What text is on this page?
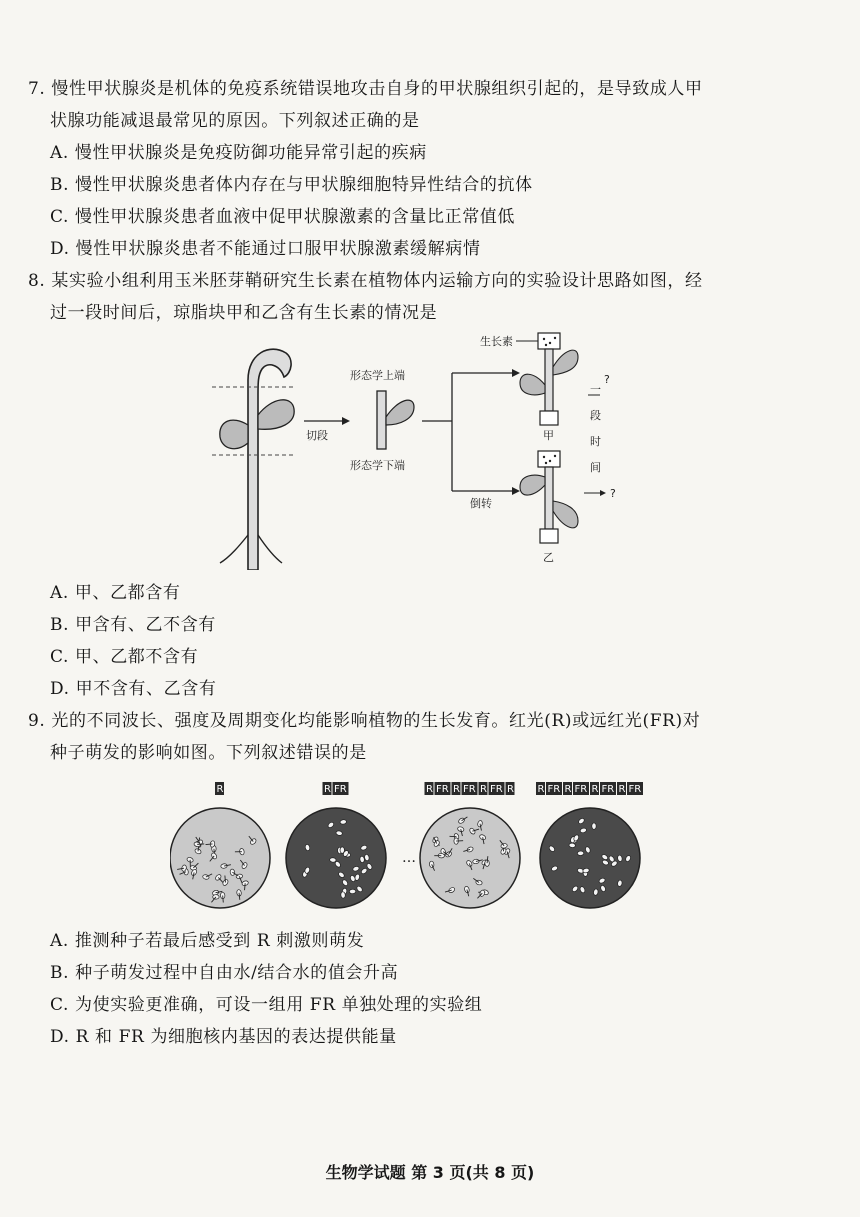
7. 慢性甲状腺炎是机体的免疫系统错误地攻击自身的甲状腺组织引起的，是导致成人甲
状腺功能减退最常见的原因。下列叙述正确的是
A. 慢性甲状腺炎是免疫防御功能异常引起的疾病
B. 慢性甲状腺炎患者体内存在与甲状腺细胞特异性结合的抗体
C. 慢性甲状腺炎患者血液中促甲状腺激素的含量比正常值低
D. 慢性甲状腺炎患者不能通过口服甲状腺激素缓解病情
8. 某实验小组利用玉米胚芽鞘研究生长素在植物体内运输方向的实验设计思路如图，经
过一段时间后，琼脂块甲和乙含有生长素的情况是
切段
形态学上端
形态学下端
倒转
生长素
甲
乙
?
一
段
时
间
?
A. 甲、乙都含有
B. 甲含有、乙不含有
C. 甲、乙都不含有
D. 甲不含有、乙含有
9. 光的不同波长、强度及周期变化均能影响植物的生长发育。红光(R)或远红光(FR)对
种子萌发的影响如图。下列叙述错误的是
R	R FR	R FR R FR R FR R R FR R FR R FR R FR
…
A. 推测种子若最后感受到 R 刺激则萌发
B. 种子萌发过程中自由水/结合水的值会升高
C. 为使实验更准确，可设一组用 FR 单独处理的实验组
D. R 和 FR 为细胞核内基因的表达提供能量
生物学试题 第 3 页(共 8 页)
